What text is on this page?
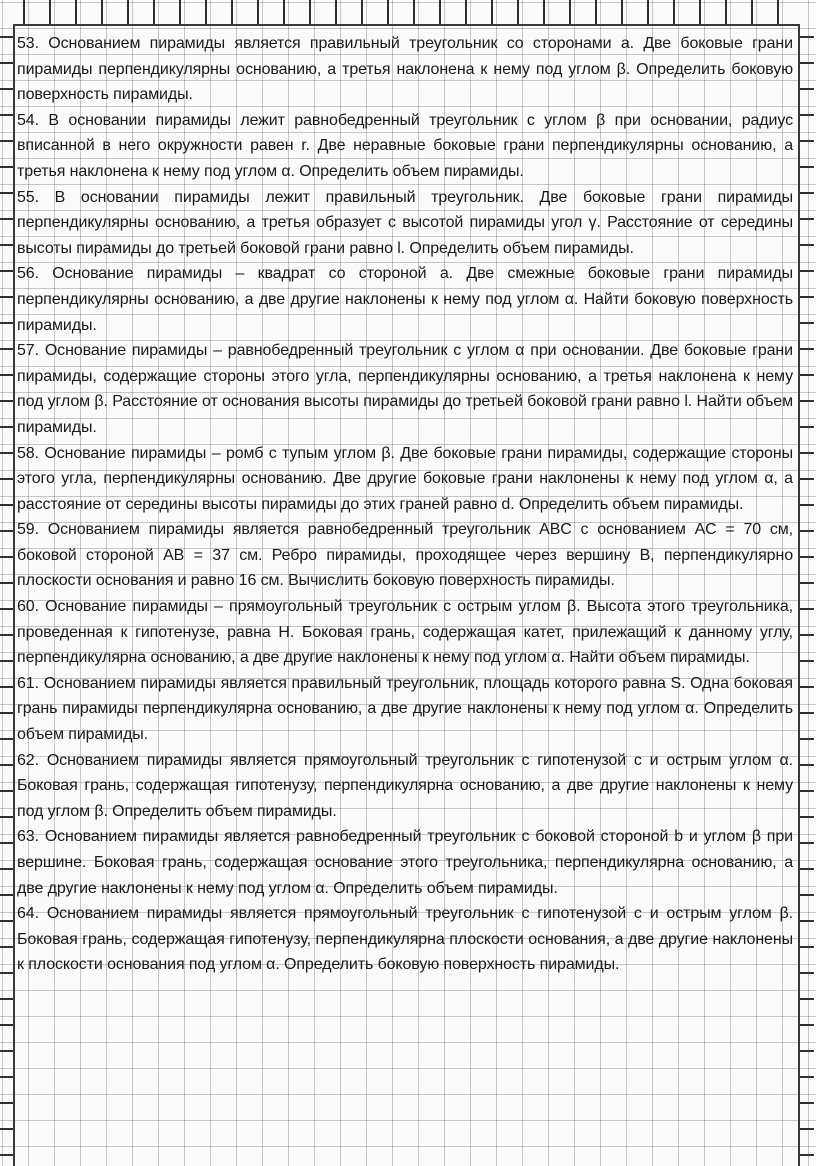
53. Основанием пирамиды является правильный треугольник со сторонами a. Две боковые грани пирамиды перпендикулярны основанию, а третья наклонена к нему под углом β. Определить боковую поверхность пирамиды.

54. В основании пирамиды лежит равнобедренный треугольник с углом β при основании, радиус вписанной в него окружности равен r. Две неравные боковые грани перпендикулярны основанию, а третья наклонена к нему под углом α. Определить объем пирамиды.

55. В основании пирамиды лежит правильный треугольник. Две боковые грани пирамиды перпендикулярны основанию, а третья образует с высотой пирамиды угол γ. Расстояние от середины высоты пирамиды до третьей боковой грани равно l. Определить объем пирамиды.

56. Основание пирамиды – квадрат со стороной a. Две смежные боковые грани пирамиды перпендикулярны основанию, а две другие наклонены к нему под углом α. Найти боковую поверхность пирамиды.

57. Основание пирамиды – равнобедренный треугольник с углом α при основании. Две боковые грани пирамиды, содержащие стороны этого угла, перпендикулярны основанию, а третья наклонена к нему под углом β. Расстояние от основания высоты пирамиды до третьей боковой грани равно l. Найти объем пирамиды.

58. Основание пирамиды – ромб с тупым углом β. Две боковые грани пирамиды, содержащие стороны этого угла, перпендикулярны основанию. Две другие боковые грани наклонены к нему под углом α, а расстояние от середины высоты пирамиды до этих граней равно d. Определить объем пирамиды.

59. Основанием пирамиды является равнобедренный треугольник ABC с основанием AC = 70 см, боковой стороной AB = 37 см. Ребро пирамиды, проходящее через вершину B, перпендикулярно плоскости основания и равно 16 см. Вычислить боковую поверхность пирамиды.

60. Основание пирамиды – прямоугольный треугольник с острым углом β. Высота этого треугольника, проведенная к гипотенузе, равна H. Боковая грань, содержащая катет, прилежащий к данному углу, перпендикулярна основанию, а две другие наклонены к нему под углом α. Найти объем пирамиды.

61. Основанием пирамиды является правильный треугольник, площадь которого равна S. Одна боковая грань пирамиды перпендикулярна основанию, а две другие наклонены к нему под углом α. Определить объем пирамиды.

62. Основанием пирамиды является прямоугольный треугольник с гипотенузой c и острым углом α. Боковая грань, содержащая гипотенузу, перпендикулярна основанию, а две другие наклонены к нему под углом β. Определить объем пирамиды.

63. Основанием пирамиды является равнобедренный треугольник с боковой стороной b и углом β при вершине. Боковая грань, содержащая основание этого треугольника, перпендикулярна основанию, а две другие наклонены к нему под углом α. Определить объем пирамиды.

64. Основанием пирамиды является прямоугольный треугольник с гипотенузой c и острым углом β. Боковая грань, содержащая гипотенузу, перпендикулярна плоскости основания, а две другие наклонены к плоскости основания под углом α. Определить боковую поверхность пирамиды.
